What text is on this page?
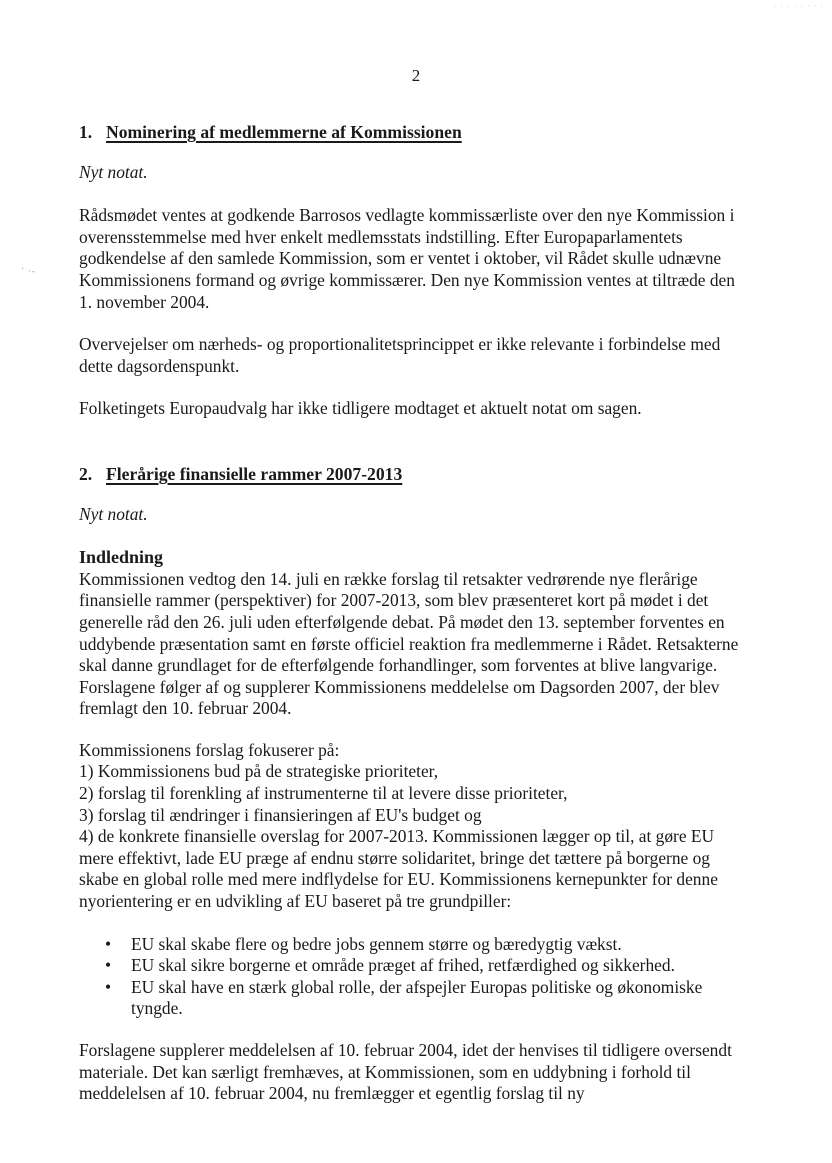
· · · · · · · ·
' ·-
2
1. Nominering af medlemmerne af Kommissionen

Nyt notat.

Rådsmødet ventes at godkende Barrosos vedlagte kommissærliste over den nye Kommission i overensstemmelse med hver enkelt medlemsstats indstilling. Efter Europaparlamentets godkendelse af den samlede Kommission, som er ventet i oktober, vil Rådet skulle udnævne Kommissionens formand og øvrige kommissærer. Den nye Kommission ventes at tiltræde den 1. november 2004.

Overvejelser om nærheds- og proportionalitetsprincippet er ikke relevante i forbindelse med dette dagsordenspunkt.

Folketingets Europaudvalg har ikke tidligere modtaget et aktuelt notat om sagen.

2. Flerårige finansielle rammer 2007-2013

Nyt notat.

Indledning

Kommissionen vedtog den 14. juli en række forslag til retsakter vedrørende nye flerårige finansielle rammer (perspektiver) for 2007-2013, som blev præsenteret kort på mødet i det generelle råd den 26. juli uden efterfølgende debat. På mødet den 13. september forventes en uddybende præsentation samt en første officiel reaktion fra medlemmerne i Rådet. Retsakterne skal danne grundlaget for de efterfølgende forhandlinger, som forventes at blive langvarige. Forslagene følger af og supplerer Kommissionens meddelelse om Dagsorden 2007, der blev fremlagt den 10. februar 2004.

Kommissionens forslag fokuserer på:

1) Kommissionens bud på de strategiske prioriteter,

2) forslag til forenkling af instrumenterne til at levere disse prioriteter,

3) forslag til ændringer i finansieringen af EU's budget og

4) de konkrete finansielle overslag for 2007-2013. Kommissionen lægger op til, at gøre EU mere effektivt, lade EU præge af endnu større solidaritet, bringe det tættere på borgerne og skabe en global rolle med mere indflydelse for EU. Kommissionens kernepunkter for denne nyorientering er en udvikling af EU baseret på tre grundpiller:

• EU skal skabe flere og bedre jobs gennem større og bæredygtig vækst.
• EU skal sikre borgerne et område præget af frihed, retfærdighed og sikkerhed.
• EU skal have en stærk global rolle, der afspejler Europas politiske og økonomiske tyngde.

Forslagene supplerer meddelelsen af 10. februar 2004, idet der henvises til tidligere oversendt materiale. Det kan særligt fremhæves, at Kommissionen, som en uddybning i forhold til meddelelsen af 10. februar 2004, nu fremlægger et egentlig forslag til ny
